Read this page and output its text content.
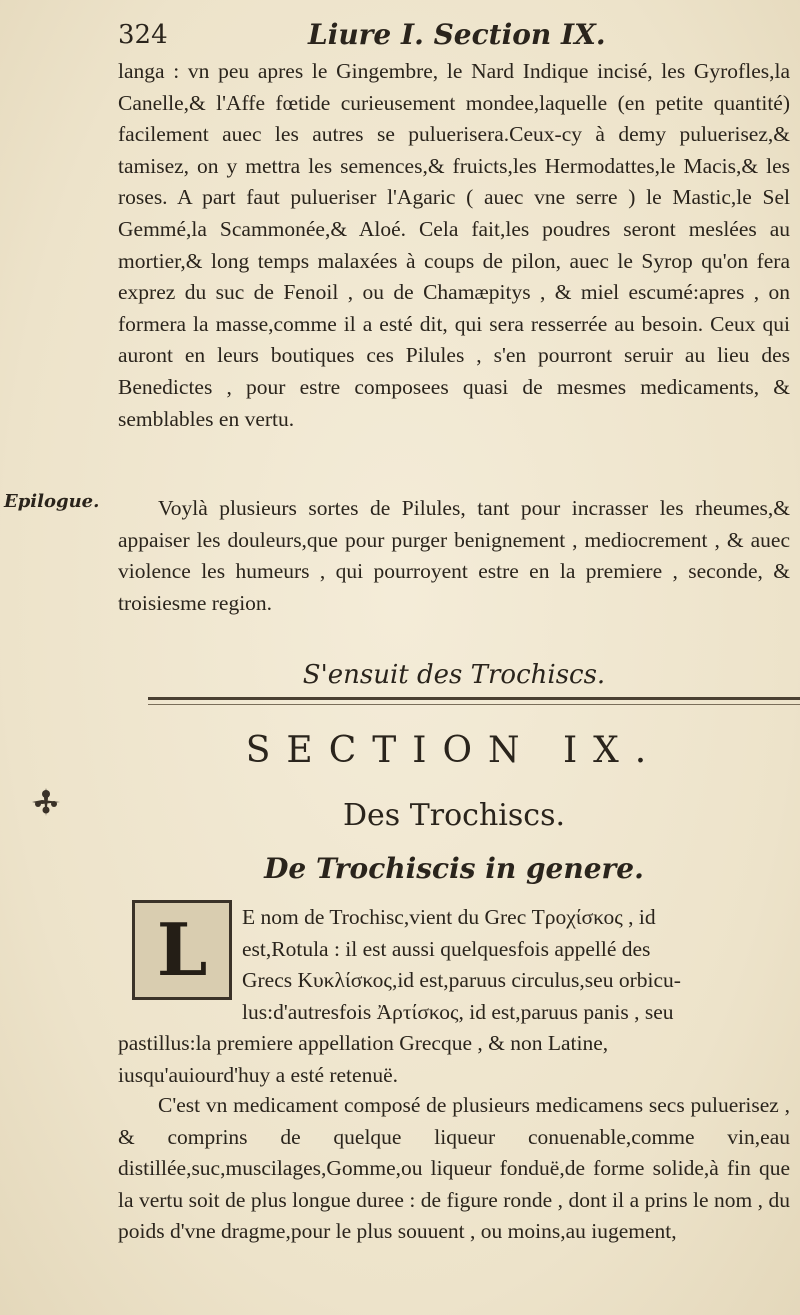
324	Liure I. Section IX.

langa : vn peu apres le Gingembre, le Nard Indique incisé, les Gyrofles,la Canelle,& l'Affe fœtide curieusement mondee,laquelle (en petite quantité) facilement auec les autres se puluerisera.Ceux-cy à demy puluerisez,& tamisez, on y mettra les semences,& fruicts,les Hermodattes,le Macis,& les roses. A part faut puluerisеr l'Agaric ( auec vne serre ) le Mastic,le Sel Gemmé,la Scammonée,& Aloé. Cela fait,les poudres seront meslées au mortier,& long temps malaxées à coups de pilon, auec le Syrop qu'on fera exprez du suc de Fenoil , ou de Chamæpitys , & miel escumé:apres , on formera la masse,comme il a esté dit, qui sera resserrée au besoin. Ceux qui auront en leurs boutiques ces Pilules , s'en pourront seruir au lieu des Benedictes , pour estre composees quasi de mesmes medicaments, & semblables en vertu.

Epilogue.	Voylà plusieurs sortes de Pilules, tant pour incrasser les rheumes,& appaiser les douleurs,que pour purger benignement , mediocrement , & auec violence les humeurs , qui pourroyent estre en la premiere , seconde, & troisiesme region.

S'ensuit des Trochiscs.
SECTION IX.
Des Trochiscs.
De Trochiscis in genere.
L	E nom de Trochisc,vient du Grec Τροχίσκος , id
est,Rotula : il est aussi quelquesfois appellé des
Grecs Κυκλίσκος,id est,paruus circulus,seu orbicu-
lus:d'autresfois Ἀρτίσκος, id est,paruus panis , seu
pastillus:la premiere appellation Grecque , & non Latine,
iusqu'auiourd'huy a esté retenuë.

C'est vn medicament composé de plusieurs medicamens secs puluerisez , & comprins de quelque liqueur conuenable,comme vin,eau distillée,suc,muscilages,Gomme,ou liqueur fonduë,de forme solide,à fin que la vertu soit de plus longue duree : de figure ronde , dont il a prins le nom , du poids d'vne dragme,pour le plus souuent , ou moins,au iugement,
